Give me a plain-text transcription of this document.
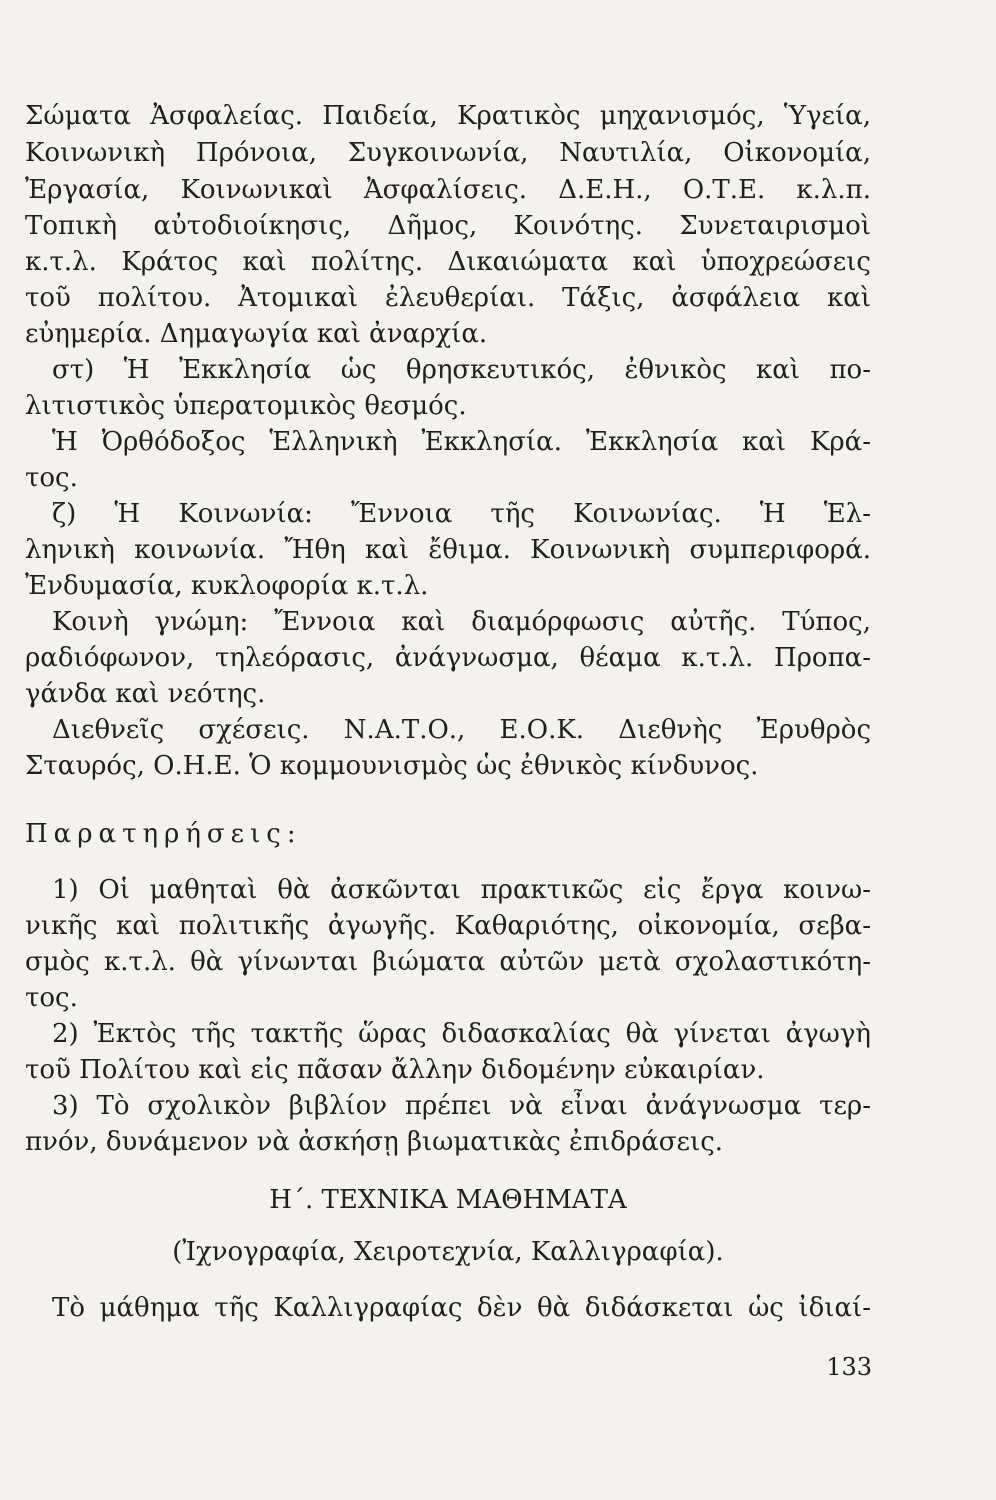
Σώματα Ἀσφαλείας. Παιδεία, Κρατικὸς μηχανισμός, Ὑγεία,
Κοινωνικὴ Πρόνοια, Συγκοινωνία, Ναυτιλία, Οἰκονομία,
Ἐργασία, Κοινωνικαὶ Ἀσφαλίσεις. Δ.Ε.Η., Ο.Τ.Ε. κ.λ.π.
Τοπικὴ αὐτοδιοίκησις, Δῆμος, Κοινότης. Συνεταιρισμοὶ
κ.τ.λ. Κράτος καὶ πολίτης. Δικαιώματα καὶ ὑποχρεώσεις
τοῦ πολίτου. Ἀτομικαὶ ἐλευθερίαι. Τάξις, ἀσφάλεια καὶ
εὐημερία. Δημαγωγία καὶ ἀναρχία.
στ) Ἡ Ἐκκλησία ὡς θρησκευτικός, ἐθνικὸς καὶ πο-
λιτιστικὸς ὑπερατομικὸς θεσμός.
Ἡ Ὀρθόδοξος Ἑλληνικὴ Ἐκκλησία. Ἐκκλησία καὶ Κρά-
τος.
ζ) Ἡ Κοινωνία: Ἔννοια τῆς Κοινωνίας. Ἡ Ἑλ-
ληνικὴ κοινωνία. Ἤθη καὶ ἔθιμα. Κοινωνικὴ συμπεριφορά.
Ἐνδυμασία, κυκλοφορία κ.τ.λ.
Κοινὴ γνώμη: Ἔννοια καὶ διαμόρφωσις αὐτῆς. Τύπος,
ραδιόφωνον, τηλεόρασις, ἀνάγνωσμα, θέαμα κ.τ.λ. Προπα-
γάνδα καὶ νεότης.
Διεθνεῖς σχέσεις. Ν.Α.Τ.Ο., Ε.Ο.Κ. Διεθνὴς Ἐρυθρὸς
Σταυρός, Ο.Η.Ε. Ὁ κομμουνισμὸς ὡς ἐθνικὸς κίνδυνος.
Παρατηρήσεις:
1) Οἱ μαθηταὶ θὰ ἀσκῶνται πρακτικῶς εἰς ἔργα κοινω-
νικῆς καὶ πολιτικῆς ἀγωγῆς. Καθαριότης, οἰκονομία, σεβα-
σμὸς κ.τ.λ. θὰ γίνωνται βιώματα αὐτῶν μετὰ σχολαστικότη-
τος.
2) Ἐκτὸς τῆς τακτῆς ὥρας διδασκαλίας θὰ γίνεται ἀγωγὴ
τοῦ Πολίτου καὶ εἰς πᾶσαν ἄλλην διδομένην εὐκαιρίαν.
3) Τὸ σχολικὸν βιβλίον πρέπει νὰ εἶναι ἀνάγνωσμα τερ-
πνόν, δυνάμενον νὰ ἀσκήσῃ βιωματικὰς ἐπιδράσεις.
Η΄. ΤΕΧΝΙΚΑ ΜΑΘΗΜΑΤΑ
(Ἰχνογραφία, Χειροτεχνία, Καλλιγραφία).
Τὸ μάθημα τῆς Καλλιγραφίας δὲν θὰ διδάσκεται ὡς ἰδιαί-
133
